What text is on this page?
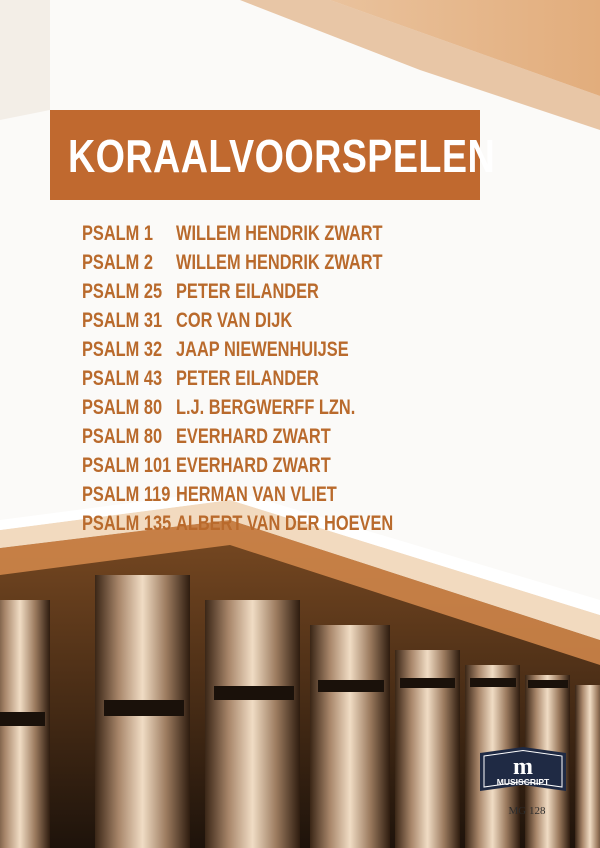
KORAALVOORSPELEN
PSALM 1 WILLEM HENDRIK ZWART
PSALM 2 WILLEM HENDRIK ZWART
PSALM 25 PETER EILANDER
PSALM 31 COR VAN DIJK
PSALM 32 JAAP NIEWENHUIJSE
PSALM 43 PETER EILANDER
PSALM 80 L.J. BERGWERFF LZN.
PSALM 80 EVERHARD ZWART
PSALM 101 EVERHARD ZWART
PSALM 119 HERMAN VAN VLIET
PSALM 135 ALBERT VAN DER HOEVEN
m
MUSISCRIPT
MG 128
